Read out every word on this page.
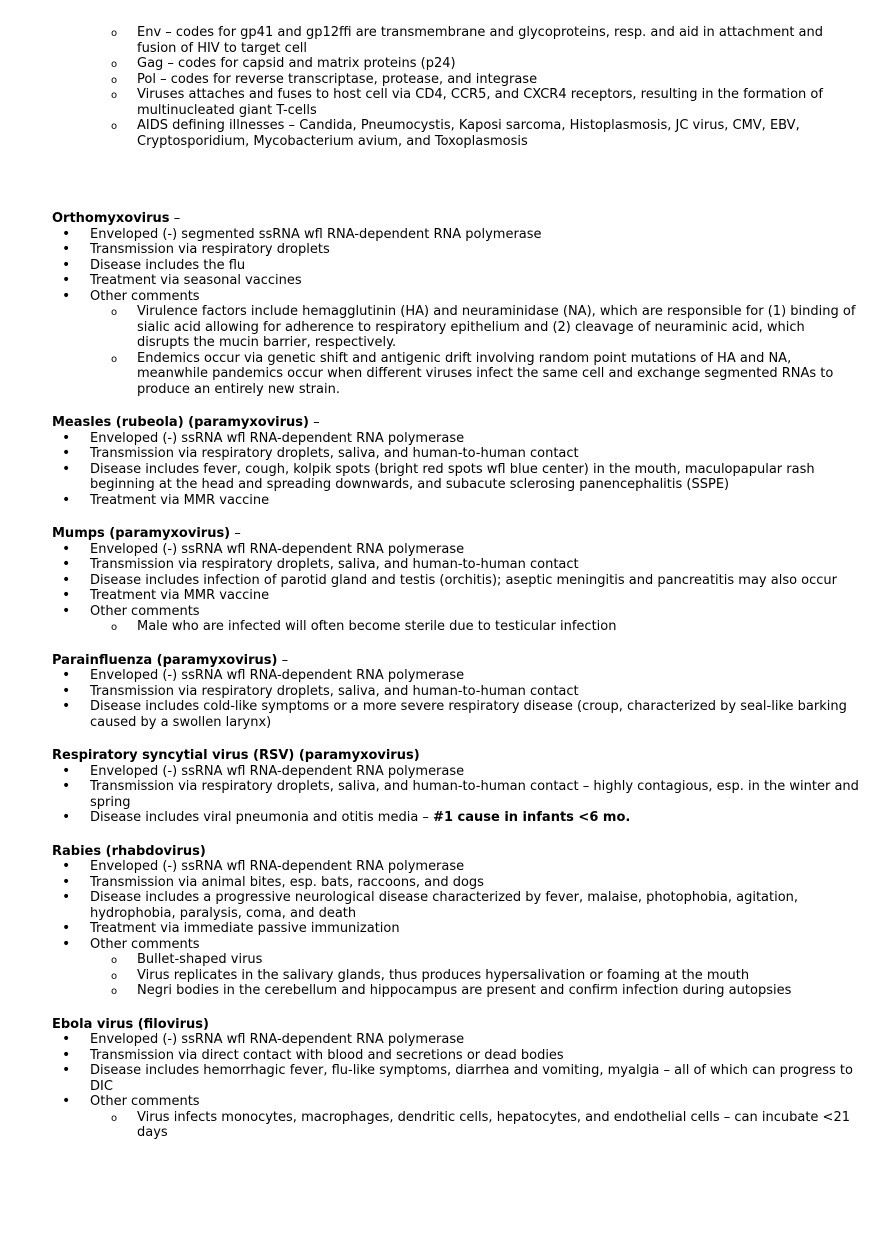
o Env – codes for gp41 and gp12ffi are transmembrane and glycoproteins, resp. and aid in attachment and fusion of HIV to target cell
o Gag – codes for capsid and matrix proteins (p24)
o Pol – codes for reverse transcriptase, protease, and integrase
o Viruses attaches and fuses to host cell via CD4, CCR5, and CXCR4 receptors, resulting in the formation of multinucleated giant T-cells
o AIDS defining illnesses – Candida, Pneumocystis, Kaposi sarcoma, Histoplasmosis, JC virus, CMV, EBV, Cryptosporidium, Mycobacterium avium, and Toxoplasmosis
Orthomyxovirus –
• Enveloped (-) segmented ssRNA wfl RNA-dependent RNA polymerase
• Transmission via respiratory droplets
• Disease includes the flu
• Treatment via seasonal vaccines
• Other comments
o Virulence factors include hemagglutinin (HA) and neuraminidase (NA), which are responsible for (1) binding of sialic acid allowing for adherence to respiratory epithelium and (2) cleavage of neuraminic acid, which disrupts the mucin barrier, respectively.
o Endemics occur via genetic shift and antigenic drift involving random point mutations of HA and NA, meanwhile pandemics occur when different viruses infect the same cell and exchange segmented RNAs to produce an entirely new strain.
Measles (rubeola) (paramyxovirus) –
• Enveloped (-) ssRNA wfl RNA-dependent RNA polymerase
• Transmission via respiratory droplets, saliva, and human-to-human contact
• Disease includes fever, cough, kolpik spots (bright red spots wfl blue center) in the mouth, maculopapular rash beginning at the head and spreading downwards, and subacute sclerosing panencephalitis (SSPE)
• Treatment via MMR vaccine
Mumps (paramyxovirus) –
• Enveloped (-) ssRNA wfl RNA-dependent RNA polymerase
• Transmission via respiratory droplets, saliva, and human-to-human contact
• Disease includes infection of parotid gland and testis (orchitis); aseptic meningitis and pancreatitis may also occur
• Treatment via MMR vaccine
• Other comments
o Male who are infected will often become sterile due to testicular infection
Parainfluenza (paramyxovirus) –
• Enveloped (-) ssRNA wfl RNA-dependent RNA polymerase
• Transmission via respiratory droplets, saliva, and human-to-human contact
• Disease includes cold-like symptoms or a more severe respiratory disease (croup, characterized by seal-like barking caused by a swollen larynx)
Respiratory syncytial virus (RSV) (paramyxovirus)
• Enveloped (-) ssRNA wfl RNA-dependent RNA polymerase
• Transmission via respiratory droplets, saliva, and human-to-human contact – highly contagious, esp. in the winter and spring
• Disease includes viral pneumonia and otitis media – #1 cause in infants <6 mo.
Rabies (rhabdovirus)
• Enveloped (-) ssRNA wfl RNA-dependent RNA polymerase
• Transmission via animal bites, esp. bats, raccoons, and dogs
• Disease includes a progressive neurological disease characterized by fever, malaise, photophobia, agitation, hydrophobia, paralysis, coma, and death
• Treatment via immediate passive immunization
• Other comments
o Bullet-shaped virus
o Virus replicates in the salivary glands, thus produces hypersalivation or foaming at the mouth
o Negri bodies in the cerebellum and hippocampus are present and confirm infection during autopsies
Ebola virus (filovirus)
• Enveloped (-) ssRNA wfl RNA-dependent RNA polymerase
• Transmission via direct contact with blood and secretions or dead bodies
• Disease includes hemorrhagic fever, flu-like symptoms, diarrhea and vomiting, myalgia – all of which can progress to DIC
• Other comments
o Virus infects monocytes, macrophages, dendritic cells, hepatocytes, and endothelial cells – can incubate <21 days
